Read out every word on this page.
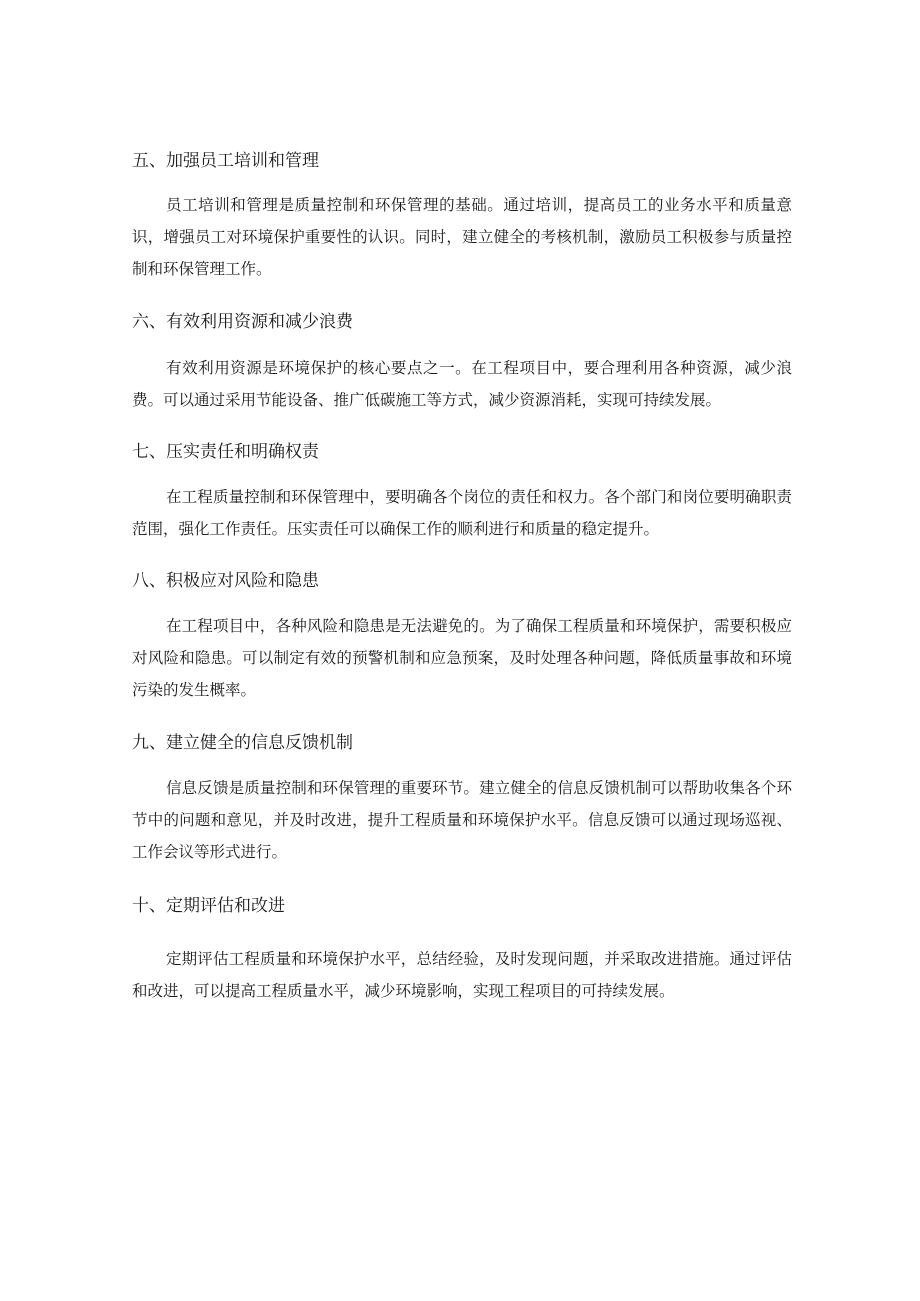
五、加强员工培训和管理

员工培训和管理是质量控制和环保管理的基础。通过培训，提高员工的业务水平和质量意识，增强员工对环境保护重要性的认识。同时，建立健全的考核机制，激励员工积极参与质量控制和环保管理工作。

六、有效利用资源和减少浪费

有效利用资源是环境保护的核心要点之一。在工程项目中，要合理利用各种资源，减少浪费。可以通过采用节能设备、推广低碳施工等方式，减少资源消耗，实现可持续发展。

七、压实责任和明确权责

在工程质量控制和环保管理中，要明确各个岗位的责任和权力。各个部门和岗位要明确职责范围，强化工作责任。压实责任可以确保工作的顺利进行和质量的稳定提升。

八、积极应对风险和隐患

在工程项目中，各种风险和隐患是无法避免的。为了确保工程质量和环境保护，需要积极应对风险和隐患。可以制定有效的预警机制和应急预案，及时处理各种问题，降低质量事故和环境污染的发生概率。

九、建立健全的信息反馈机制

信息反馈是质量控制和环保管理的重要环节。建立健全的信息反馈机制可以帮助收集各个环节中的问题和意见，并及时改进，提升工程质量和环境保护水平。信息反馈可以通过现场巡视、工作会议等形式进行。

十、定期评估和改进

定期评估工程质量和环境保护水平，总结经验，及时发现问题，并采取改进措施。通过评估和改进，可以提高工程质量水平，减少环境影响，实现工程项目的可持续发展。
